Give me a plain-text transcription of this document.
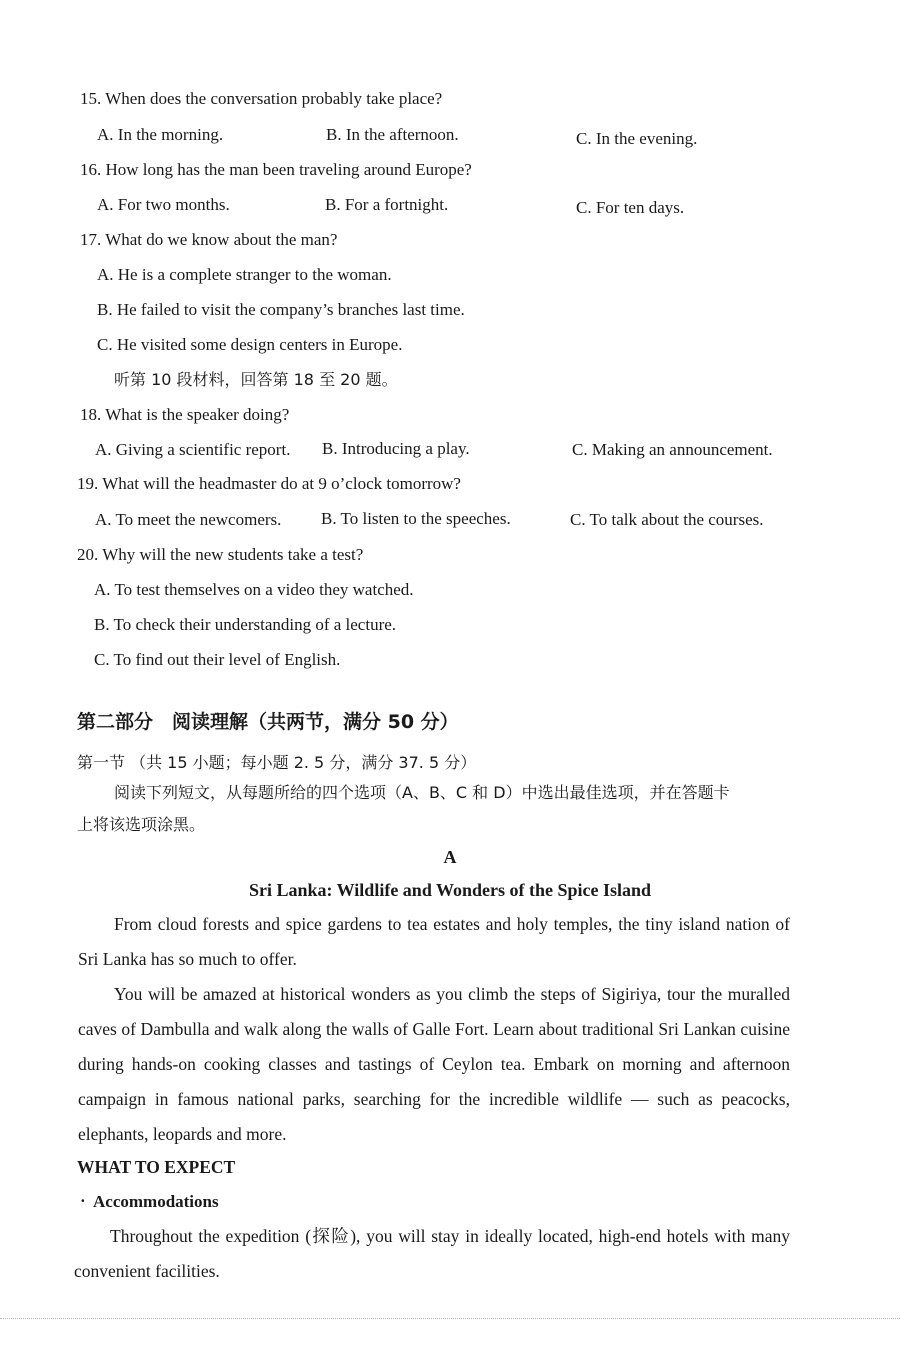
15. When does the conversation probably take place?
A. In the morning.	B. In the afternoon.	C. In the evening.
16. How long has the man been traveling around Europe?
A. For two months.	B. For a fortnight.	C. For ten days.
17. What do we know about the man?
A. He is a complete stranger to the woman.
B. He failed to visit the company’s branches last time.
C. He visited some design centers in Europe.
听第 10 段材料，回答第 18 至 20 题。
18. What is the speaker doing?
A. Giving a scientific report. B. Introducing a play.	C. Making an announcement.
19. What will the headmaster do at 9 o’clock tomorrow?
A. To meet the newcomers. B. To listen to the speeches.	C. To talk about the courses.
20. Why will the new students take a test?
A. To test themselves on a video they watched.
B. To check their understanding of a lecture.
C. To find out their level of English.
第二部分　阅读理解（共两节，满分 50 分）
第一节 （共 15 小题；每小题 2. 5 分，满分 37. 5 分）
阅读下列短文，从每题所给的四个选项（A、B、C 和 D）中选出最佳选项，并在答题卡
上将该选项涂黑。
A
Sri Lanka: Wildlife and Wonders of the Spice Island
From cloud forests and spice gardens to tea estates and holy temples, the tiny island nation of Sri Lanka has so much to offer.
You will be amazed at historical wonders as you climb the steps of Sigiriya, tour the muralled caves of Dambulla and walk along the walls of Galle Fort. Learn about traditional Sri Lankan cuisine during hands-on cooking classes and tastings of Ceylon tea. Embark on morning and afternoon campaign in famous national parks, searching for the incredible wildlife — such as peacocks, elephants, leopards and more.
WHAT TO EXPECT
· Accommodations
Throughout the expedition (探险), you will stay in ideally located, high-end hotels with many convenient facilities.
